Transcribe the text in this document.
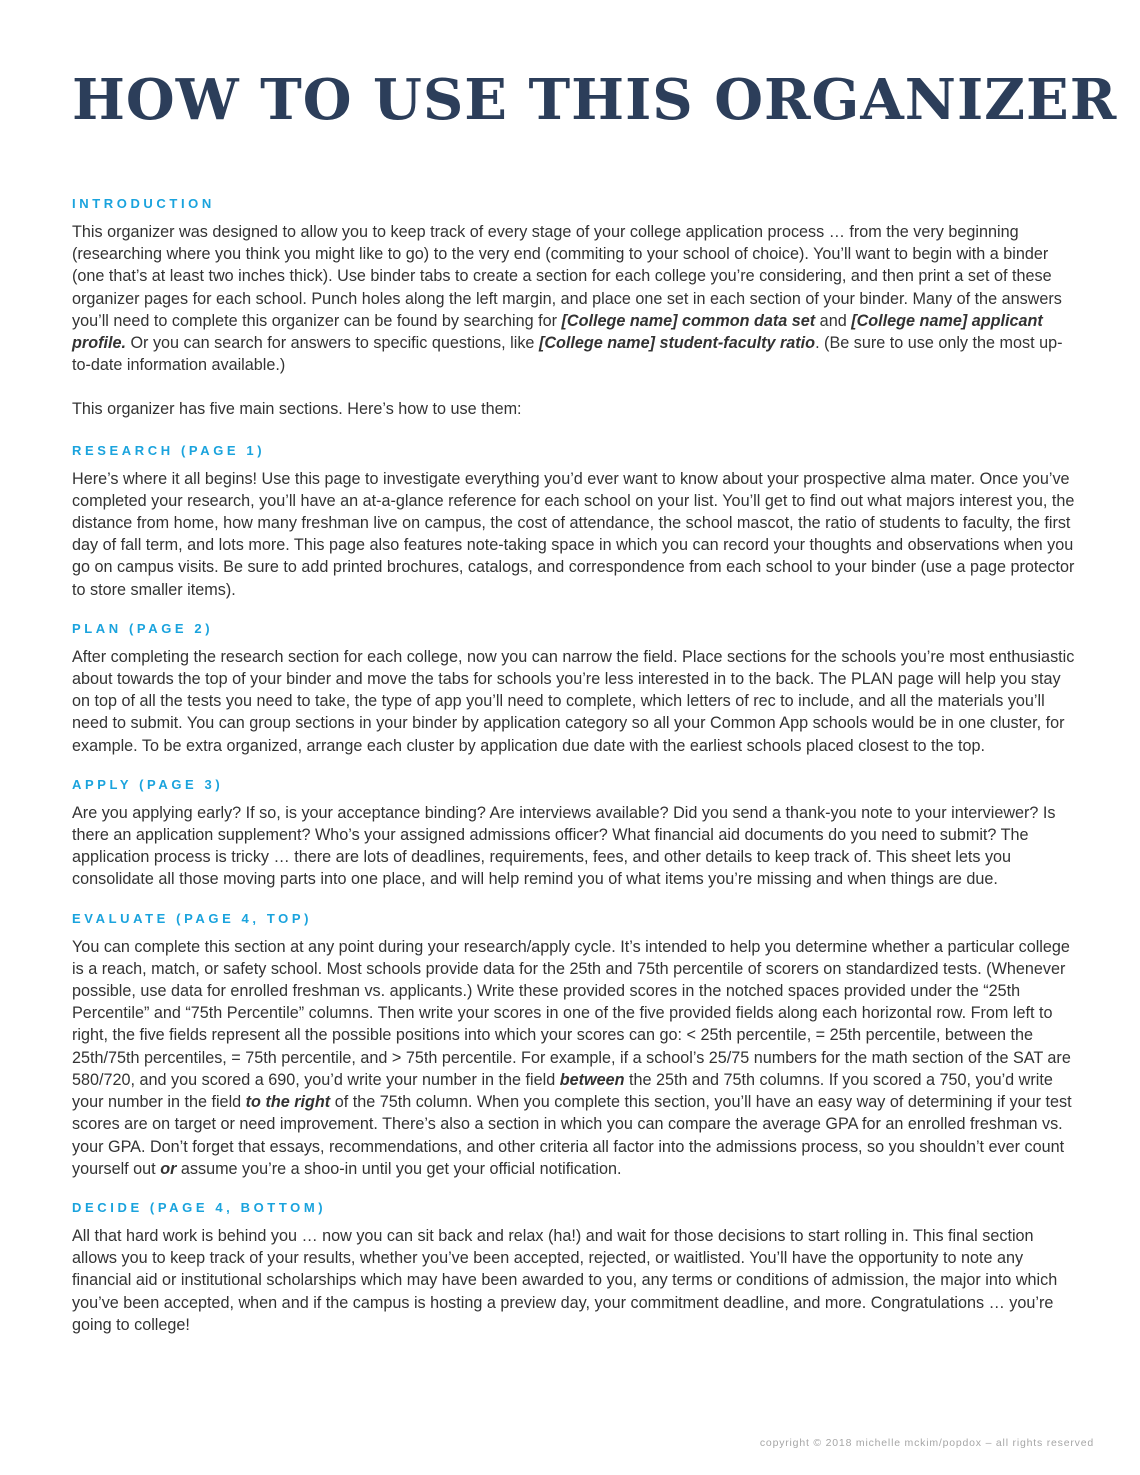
HOW TO USE THIS ORGANIZER
INTRODUCTION

This organizer was designed to allow you to keep track of every stage of your college application process … from the very beginning (researching where you think you might like to go) to the very end (commiting to your school of choice). You’ll want to begin with a binder (one that’s at least two inches thick). Use binder tabs to create a section for each college you’re considering, and then print a set of these organizer pages for each school. Punch holes along the left margin, and place one set in each section of your binder. Many of the answers you’ll need to complete this organizer can be found by searching for [College name] common data set and [College name] applicant profile. Or you can search for answers to specific questions, like [College name] student-faculty ratio. (Be sure to use only the most up-to-date information available.)

This organizer has five main sections. Here’s how to use them:

RESEARCH (PAGE 1)

Here’s where it all begins! Use this page to investigate everything you’d ever want to know about your prospective alma mater. Once you’ve completed your research, you’ll have an at-a-glance reference for each school on your list. You’ll get to find out what majors interest you, the distance from home, how many freshman live on campus, the cost of attendance, the school mascot, the ratio of students to faculty, the first day of fall term, and lots more. This page also features note-taking space in which you can record your thoughts and observations when you go on campus visits. Be sure to add printed brochures, catalogs, and correspondence from each school to your binder (use a page protector to store smaller items).

PLAN (PAGE 2)

After completing the research section for each college, now you can narrow the field. Place sections for the schools you’re most enthusiastic about towards the top of your binder and move the tabs for schools you’re less interested in to the back. The PLAN page will help you stay on top of all the tests you need to take, the type of app you’ll need to complete, which letters of rec to include, and all the materials you’ll need to submit. You can group sections in your binder by application category so all your Common App schools would be in one cluster, for example. To be extra organized, arrange each cluster by application due date with the earliest schools placed closest to the top.

APPLY (PAGE 3)

Are you applying early? If so, is your acceptance binding? Are interviews available? Did you send a thank-you note to your interviewer? Is there an application supplement? Who’s your assigned admissions officer? What financial aid documents do you need to submit? The application process is tricky … there are lots of deadlines, requirements, fees, and other details to keep track of. This sheet lets you consolidate all those moving parts into one place, and will help remind you of what items you’re missing and when things are due.

EVALUATE (PAGE 4, TOP)

You can complete this section at any point during your research/apply cycle. It’s intended to help you determine whether a particular college is a reach, match, or safety school. Most schools provide data for the 25th and 75th percentile of scorers on standardized tests. (Whenever possible, use data for enrolled freshman vs. applicants.) Write these provided scores in the notched spaces provided under the “25th Percentile” and “75th Percentile” columns. Then write your scores in one of the five provided fields along each horizontal row. From left to right, the five fields represent all the possible positions into which your scores can go: < 25th percentile, = 25th percentile, between the 25th/75th percentiles, = 75th percentile, and > 75th percentile. For example, if a school’s 25/75 numbers for the math section of the SAT are 580/720, and you scored a 690, you’d write your number in the field between the 25th and 75th columns. If you scored a 750, you’d write your number in the field to the right of the 75th column. When you complete this section, you’ll have an easy way of determining if your test scores are on target or need improvement. There’s also a section in which you can compare the average GPA for an enrolled freshman vs. your GPA. Don’t forget that essays, recommendations, and other criteria all factor into the admissions process, so you shouldn’t ever count yourself out or assume you’re a shoo-in until you get your official notification.

DECIDE (PAGE 4, BOTTOM)

All that hard work is behind you … now you can sit back and relax (ha!) and wait for those decisions to start rolling in. This final section allows you to keep track of your results, whether you’ve been accepted, rejected, or waitlisted. You’ll have the opportunity to note any financial aid or institutional scholarships which may have been awarded to you, any terms or conditions of admission, the major into which you’ve been accepted, when and if the campus is hosting a preview day, your commitment deadline, and more. Congratulations … you’re going to college!

copyright © 2018 michelle mckim/popdox – all rights reserved
